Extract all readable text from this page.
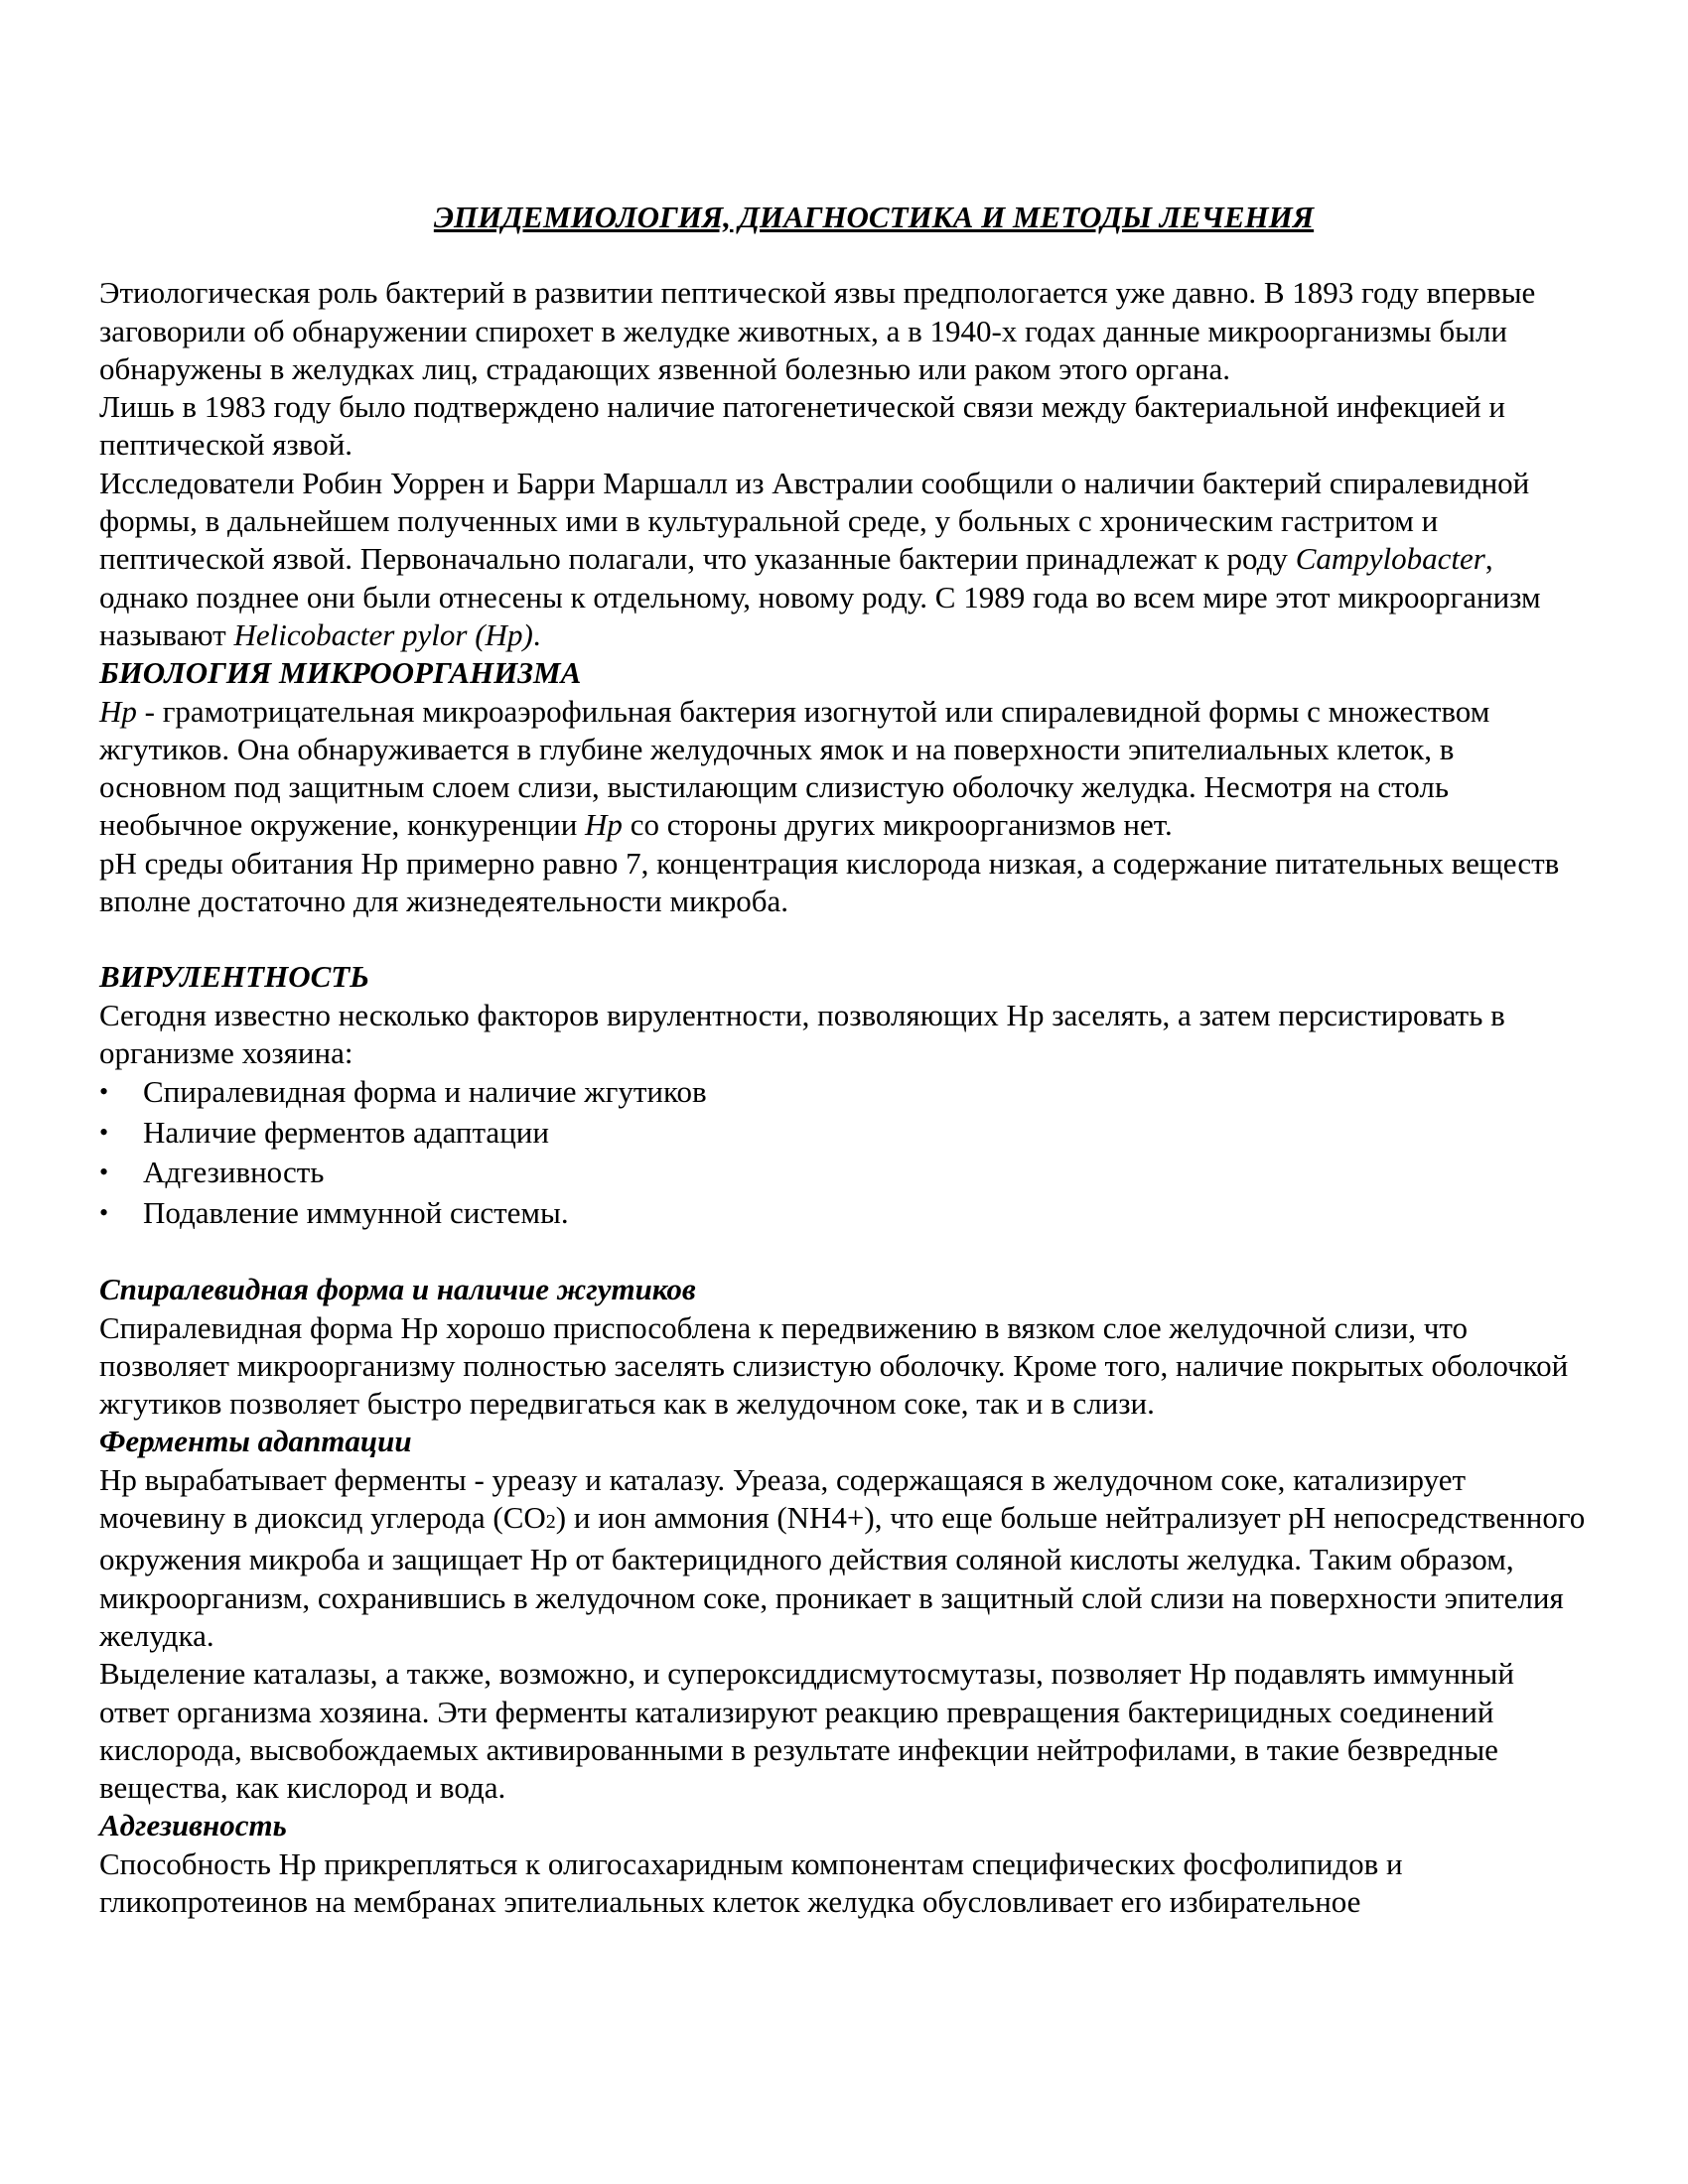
ЭПИДЕМИОЛОГИЯ, ДИАГНОСТИКА И МЕТОДЫ ЛЕЧЕНИЯ

Этиологическая роль бактерий в развитии пептической язвы предпологается уже давно. В 1893 году впервые заговорили об обнаружении спирохет в желудке животных, а в 1940-х годах данные микроорганизмы были обнаружены в желудках лиц, страдающих язвенной болезнью или раком этого органа.

Лишь в 1983 году было подтверждено наличие патогенетической связи между бактериальной инфекцией и пептической язвой.

Исследователи Робин Уоррен и Барри Маршалл из Австралии сообщили о наличии бактерий спиралевидной формы, в дальнейшем полученных ими в культуральной среде, у больных с хроническим гастритом и пептической язвой. Первоначально полагали, что указанные бактерии принадлежат к роду Campylobacter, однако позднее они были отнесены к отдельному, новому роду. С 1989 года во всем мире этот микроорганизм называют Helicobacter pylor (Hp).

БИОЛОГИЯ МИКРООРГАНИЗМА

Hp - грамотрицательная микроаэрофильная бактерия изогнутой или спиралевидной формы с множеством жгутиков. Она обнаруживается в глубине желудочных ямок и на поверхности эпителиальных клеток, в основном под защитным слоем слизи, выстилающим слизистую оболочку желудка. Несмотря на столь необычное окружение, конкуренции Hp со стороны других микроорганизмов нет.

pH среды обитания Hp примерно равно 7, концентрация кислорода низкая, а содержание питательных веществ вполне достаточно для жизнедеятельности микроба.

ВИРУЛЕНТНОСТЬ

Сегодня известно несколько факторов вирулентности, позволяющих Hp заселять, а затем персистировать в организме хозяина:

•	Спиралевидная форма и наличие жгутиков
•	Наличие ферментов адаптации
•	Адгезивность
•	Подавление иммунной системы.
Спиралевидная форма и наличие жгутиков

Спиралевидная форма Hp хорошо приспособлена к передвижению в вязком слое желудочной слизи, что позволяет микроорганизму полностью заселять слизистую оболочку. Кроме того, наличие покрытых оболочкой жгутиков позволяет быстро передвигаться как в желудочном соке, так и в слизи.

Ферменты адаптации

Hp вырабатывает ферменты - уреазу и каталазу. Уреаза, содержащаяся в желудочном соке, катализирует мочевину в диоксид углерода (CO2) и ион аммония (NH4+), что еще больше нейтрализует pH непосредственного окружения микроба и защищает Hp от бактерицидного действия соляной кислоты желудка. Таким образом, микроорганизм, сохранившись в желудочном соке, проникает в защитный слой слизи на поверхности эпителия желудка.

Выделение каталазы, а также, возможно, и супероксиддисмутосмутазы, позволяет Hp подавлять иммунный ответ организма хозяина. Эти ферменты катализируют реакцию превращения бактерицидных соединений кислорода, высвобождаемых активированными в результате инфекции нейтрофилами, в такие безвредные вещества, как кислород и вода.

Адгезивность

Способность Hp прикрепляться к олигосахаридным компонентам специфических фосфолипидов и гликопротеинов на мембранах эпителиальных клеток желудка обусловливает его избирательное
